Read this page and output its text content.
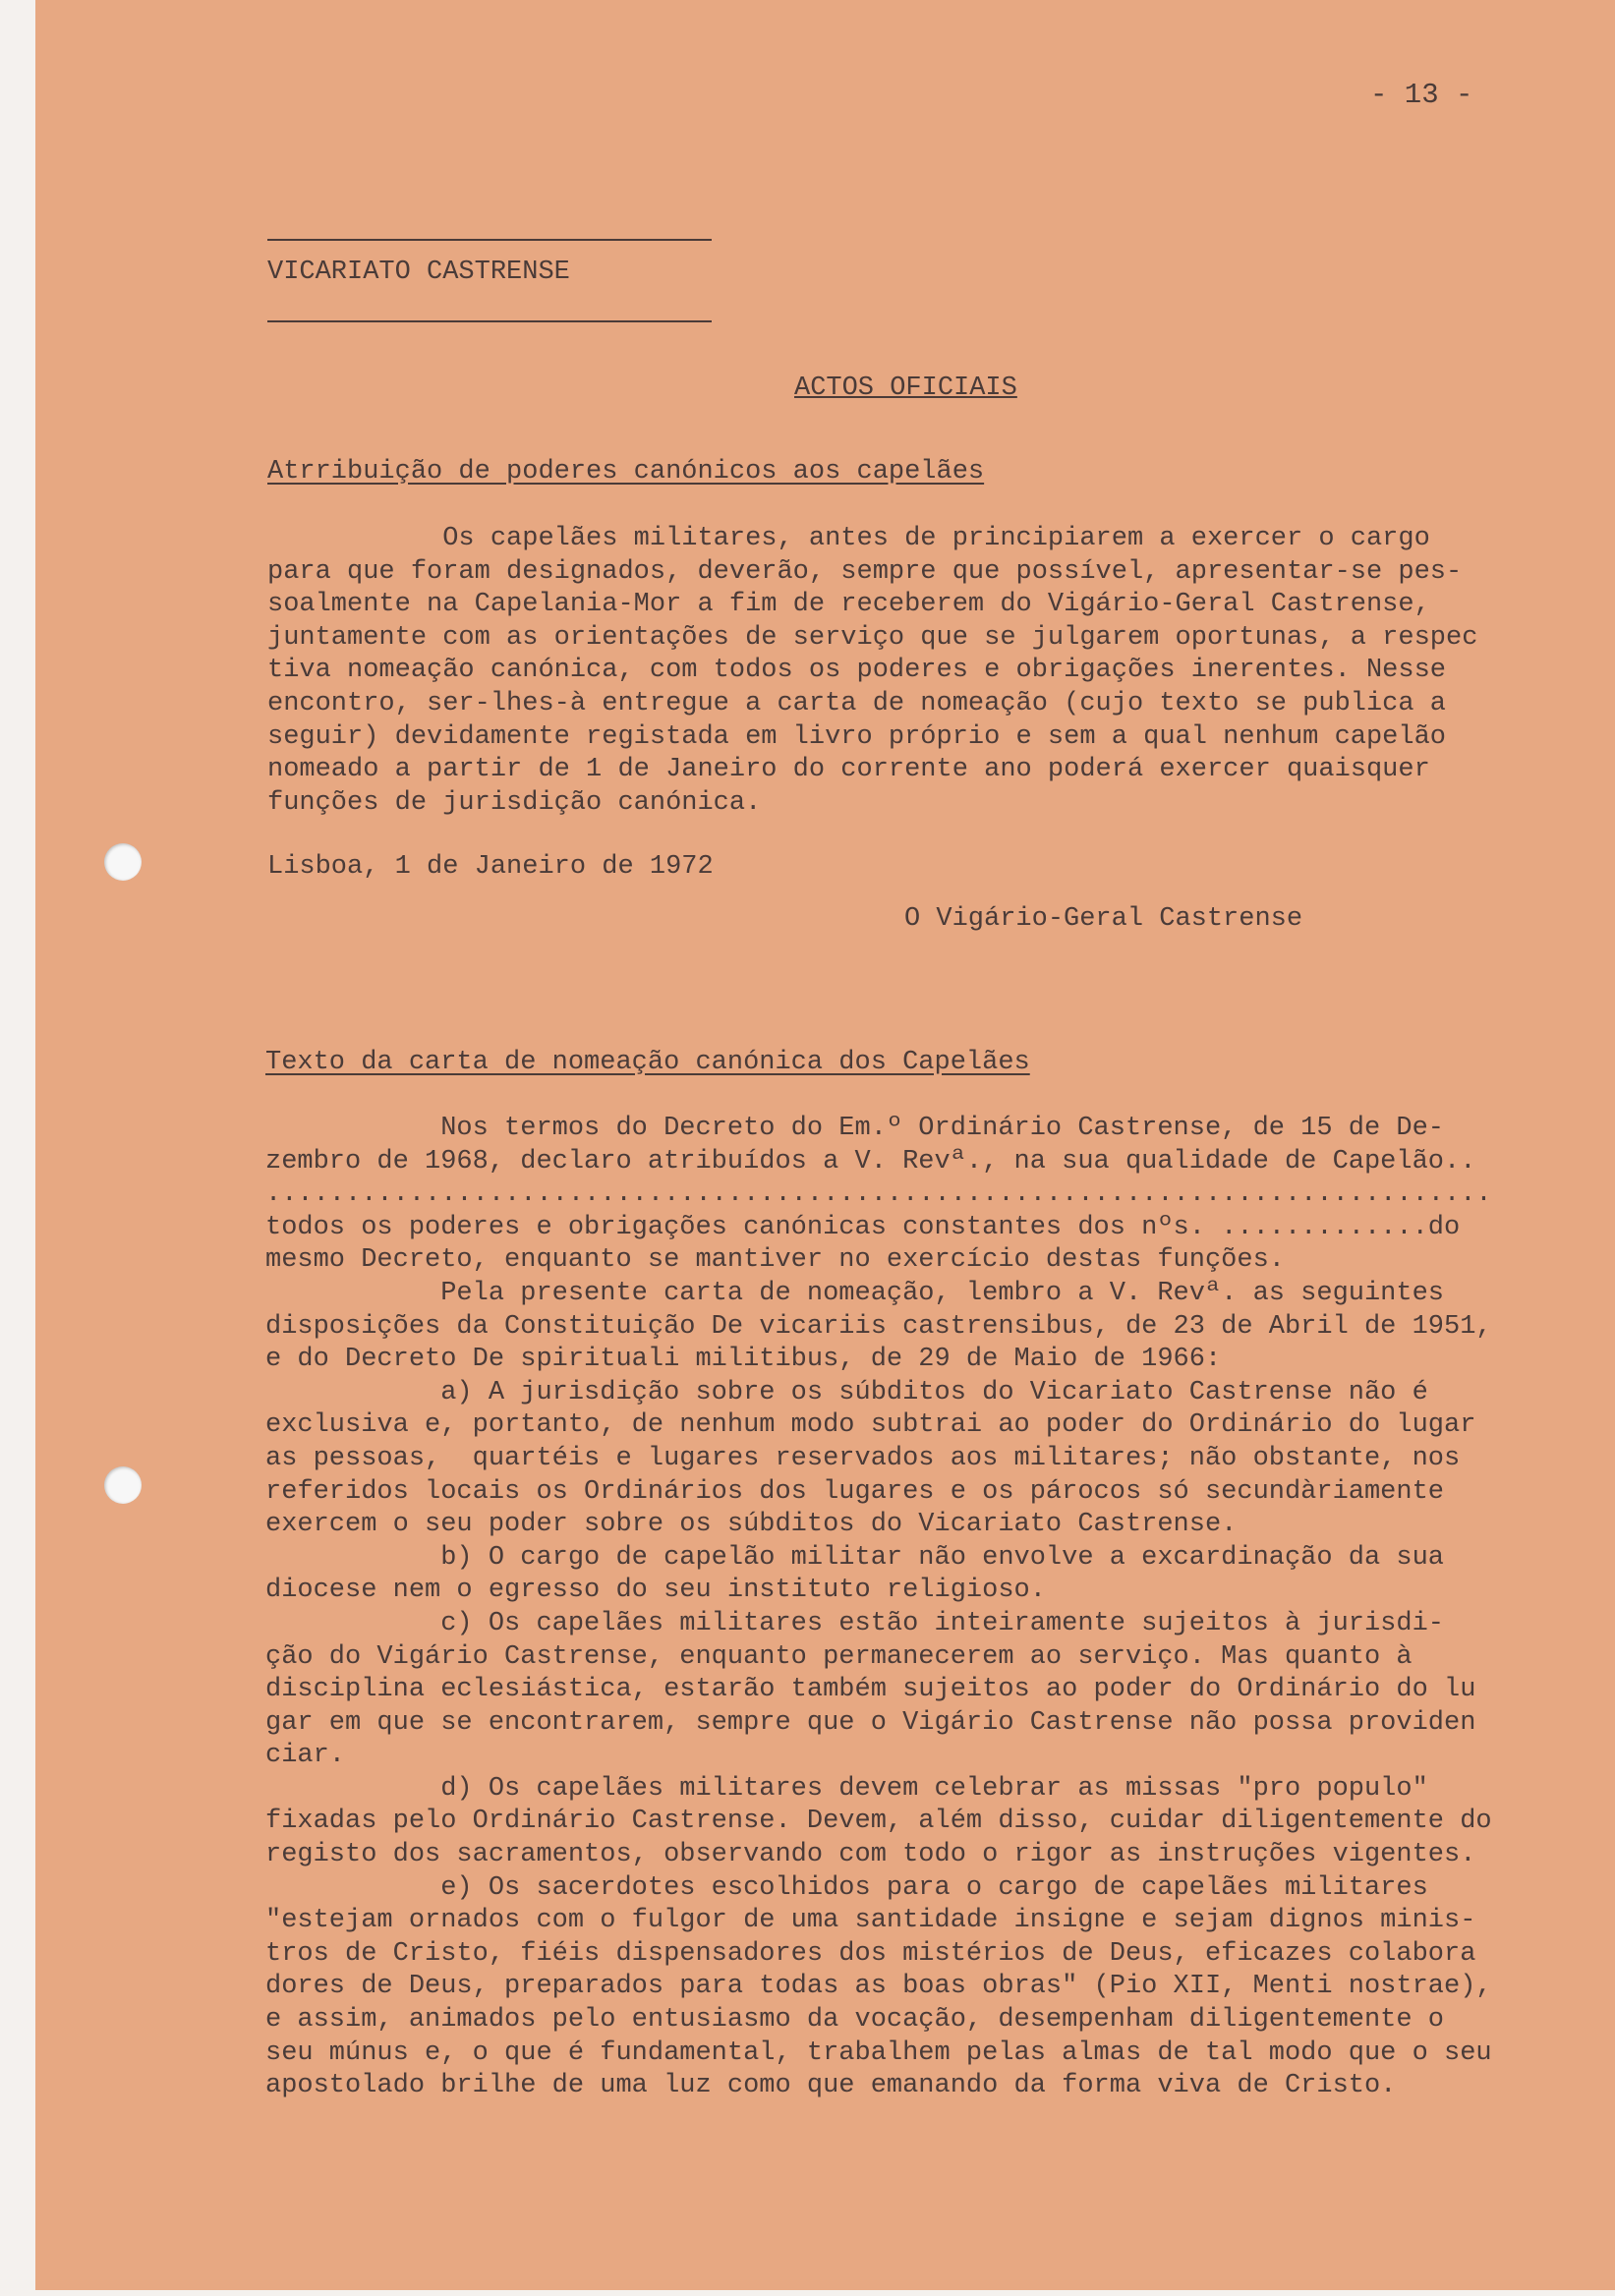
- 13 -
VICARIATO CASTRENSE
ACTOS OFICIAIS
Atrribuição de poderes canónicos aos capelães
Os capelães militares, antes de principiarem a exercer o cargo
para que foram designados, deverão, sempre que possível, apresentar-se pes-
soalmente na Capelania-Mor a fim de receberem do Vigário-Geral Castrense,
juntamente com as orientações de serviço que se julgarem oportunas, a respec
tiva nomeação canónica, com todos os poderes e obrigações inerentes. Nesse
encontro, ser-lhes-à entregue a carta de nomeação (cujo texto se publica a
seguir) devidamente registada em livro próprio e sem a qual nenhum capelão
nomeado a partir de 1 de Janeiro do corrente ano poderá exercer quaisquer
funções de jurisdição canónica.
Lisboa, 1 de Janeiro de 1972
O Vigário-Geral Castrense
Texto da carta de nomeação canónica dos Capelães
Nos termos do Decreto do Em.º Ordinário Castrense, de 15 de De-
zembro de 1968, declaro atribuídos a V. Revª., na sua qualidade de Capelão..
.............................................................................
todos os poderes e obrigações canónicas constantes dos nºs. .............do
mesmo Decreto, enquanto se mantiver no exercício destas funções.
Pela presente carta de nomeação, lembro a V. Revª. as seguintes
disposições da Constituição De vicariis castrensibus, de 23 de Abril de 1951,
e do Decreto De spirituali militibus, de 29 de Maio de 1966:
a) A jurisdição sobre os súbditos do Vicariato Castrense não é
exclusiva e, portanto, de nenhum modo subtrai ao poder do Ordinário do lugar
as pessoas,  quartéis e lugares reservados aos militares; não obstante, nos
referidos locais os Ordinários dos lugares e os párocos só secundàriamente
exercem o seu poder sobre os súbditos do Vicariato Castrense.
b) O cargo de capelão militar não envolve a excardinação da sua
diocese nem o egresso do seu instituto religioso.
c) Os capelães militares estão inteiramente sujeitos à jurisdi-
ção do Vigário Castrense, enquanto permanecerem ao serviço. Mas quanto à
disciplina eclesiástica, estarão também sujeitos ao poder do Ordinário do lu
gar em que se encontrarem, sempre que o Vigário Castrense não possa providen
ciar.
d) Os capelães militares devem celebrar as missas "pro populo"
fixadas pelo Ordinário Castrense. Devem, além disso, cuidar diligentemente do
registo dos sacramentos, observando com todo o rigor as instruções vigentes.
e) Os sacerdotes escolhidos para o cargo de capelães militares
"estejam ornados com o fulgor de uma santidade insigne e sejam dignos minis-
tros de Cristo, fiéis dispensadores dos mistérios de Deus, eficazes colabora
dores de Deus, preparados para todas as boas obras" (Pio XII, Menti nostrae),
e assim, animados pelo entusiasmo da vocação, desempenham diligentemente o
seu múnus e, o que é fundamental, trabalhem pelas almas de tal modo que o seu
apostolado brilhe de uma luz como que emanando da forma viva de Cristo.
